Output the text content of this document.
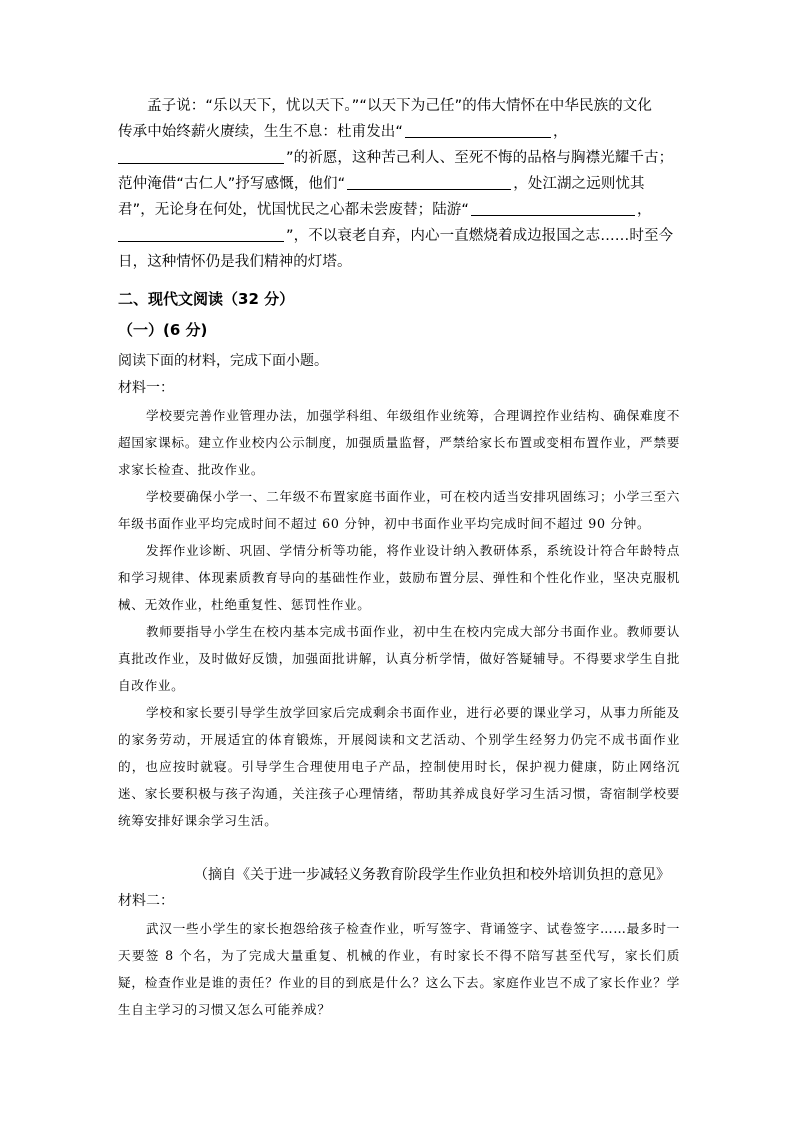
孟子说：“乐以天下，忧以天下。”“以天下为己任”的伟大情怀在中华民族的文化
传承中始终薪火赓续，生生不息：杜甫发出“	，
”的祈愿，这种苦己利人、至死不悔的品格与胸襟光耀千古；
范仲淹借“古仁人”抒写感慨，他们“	，处江湖之远则忧其
君”，无论身在何处，忧国忧民之心都未尝废替；陆游“	，
”，不以衰老自弃，内心一直燃烧着成边报国之志……时至今
日，这种情怀仍是我们精神的灯塔。
二、现代文阅读（32 分）
（一）(6 分)
阅读下面的材料，完成下面小题。
材料一：

学校要完善作业管理办法，加强学科组、年级组作业统筹，合理调控作业结构、确保难度不超国家课标。建立作业校内公示制度，加强质量监督，严禁给家长布置或变相布置作业，严禁要求家长检查、批改作业。

学校要确保小学一、二年级不布置家庭书面作业，可在校内适当安排巩固练习；小学三至六年级书面作业平均完成时间不超过 60 分钟，初中书面作业平均完成时间不超过 90 分钟。

发挥作业诊断、巩固、学情分析等功能，将作业设计纳入教研体系，系统设计符合年龄特点和学习规律、体现素质教育导向的基础性作业，鼓励布置分层、弹性和个性化作业，坚决克服机械、无效作业，杜绝重复性、惩罚性作业。

教师要指导小学生在校内基本完成书面作业，初中生在校内完成大部分书面作业。教师要认真批改作业，及时做好反馈，加强面批讲解，认真分析学情，做好答疑辅导。不得要求学生自批自改作业。

学校和家长要引导学生放学回家后完成剩余书面作业，进行必要的课业学习，从事力所能及的家务劳动，开展适宜的体育锻炼，开展阅读和文艺活动、个别学生经努力仍完不成书面作业的，也应按时就寝。引导学生合理使用电子产品，控制使用时长，保护视力健康，防止网络沉迷、家长要积极与孩子沟通，关注孩子心理情绪，帮助其养成良好学习生活习惯，寄宿制学校要统筹安排好课余学习生活。

（摘自《关于进一步减轻义务教育阶段学生作业负担和校外培训负担的意见》
材料二：

武汉一些小学生的家长抱怨给孩子检查作业，听写签字、背诵签字、试卷签字……最多时一天要签 8 个名，为了完成大量重复、机械的作业，有时家长不得不陪写甚至代写，家长们质疑，检查作业是谁的责任？作业的目的到底是什么？这么下去。家庭作业岂不成了家长作业？学生自主学习的习惯又怎么可能养成？
